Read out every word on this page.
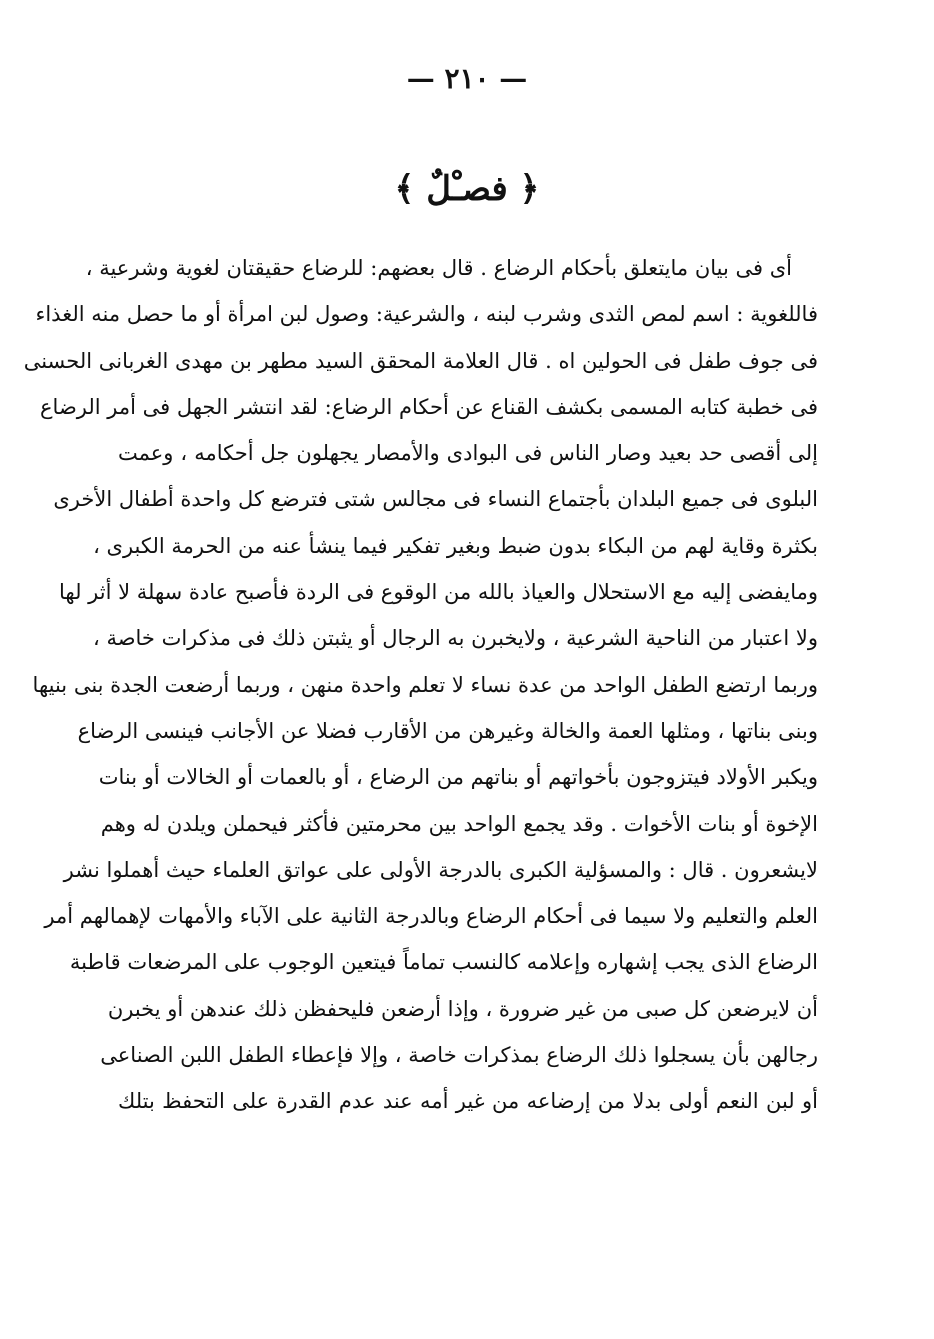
— ٢١٠ —
﴿ فصـْلٌ ﴾
أى فى بيان مايتعلق بأحكام الرضاع . قال بعضهم: للرضاع حقيقتان لغوية وشرعية ،
فاللغوية : اسم لمص الثدى وشرب لبنه ، والشرعية: وصول لبن امرأة أو ما حصل منه الغذاء
فى جوف طفل فى الحولين اه . قال العلامة المحقق السيد مطهر بن مهدى الغربانى الحسنى
فى خطبة كتابه المسمى بكشف القناع عن أحكام الرضاع: لقد انتشر الجهل فى أمر الرضاع
إلى أقصى حد بعيد وصار الناس فى البوادى والأمصار يجهلون جل أحكامه ، وعمت
البلوى فى جميع البلدان بأجتماع النساء فى مجالس شتى فترضع كل واحدة أطفال الأخرى
بكثرة وقاية لهم من البكاء بدون ضبط وبغير تفكير فيما ينشأ عنه من الحرمة الكبرى ،
ومايفضى إليه مع الاستحلال والعياذ بالله من الوقوع فى الردة فأصبح عادة سهلة لا أثر لها
ولا اعتبار من الناحية الشرعية ، ولايخبرن به الرجال أو يثبتن ذلك فى مذكرات خاصة ،
وربما ارتضع الطفل الواحد من عدة نساء لا تعلم واحدة منهن ، وربما أرضعت الجدة بنى بنيها
وبنى بناتها ، ومثلها العمة والخالة وغيرهن من الأقارب فضلا عن الأجانب فينسى الرضاع
ويكبر الأولاد فيتزوجون بأخواتهم أو بناتهم من الرضاع ، أو بالعمات أو الخالات أو بنات
الإخوة أو بنات الأخوات . وقد يجمع الواحد بين محرمتين فأكثر فيحملن ويلدن له وهم
لايشعرون . قال : والمسؤلية الكبرى بالدرجة الأولى على عواتق العلماء حيث أهملوا نشر
العلم والتعليم ولا سيما فى أحكام الرضاع وبالدرجة الثانية على الآباء والأمهات لإهمالهم أمر
الرضاع الذى يجب إشهاره وإعلامه كالنسب تماماً فيتعين الوجوب على المرضعات قاطبة
أن لايرضعن كل صبى من غير ضرورة ، وإذا أرضعن فليحفظن ذلك عندهن أو يخبرن
رجالهن بأن يسجلوا ذلك الرضاع بمذكرات خاصة ، وإلا فإعطاء الطفل اللبن الصناعى
أو لبن النعم أولى بدلا من إرضاعه من غير أمه عند عدم القدرة على التحفظ بتلك
